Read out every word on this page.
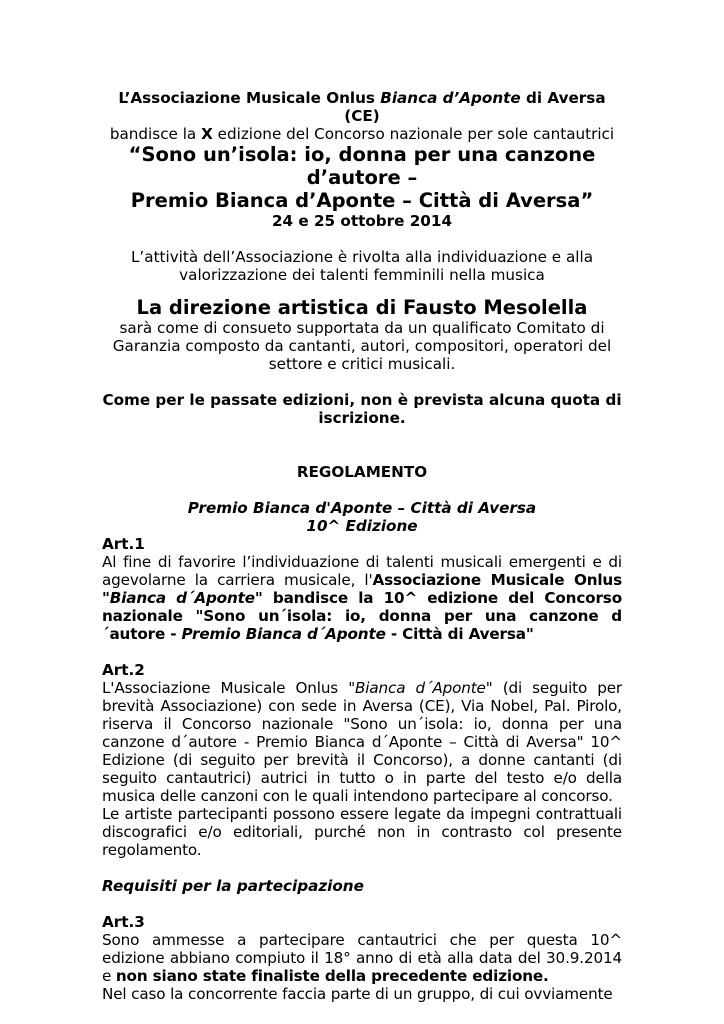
L’Associazione Musicale Onlus Bianca d’Aponte di Aversa (CE)

bandisce la X edizione del Concorso nazionale per sole cantautrici

“Sono un’isola: io, donna per una canzone d’autore –

Premio Bianca d’Aponte – Città di Aversa”

24 e 25 ottobre 2014

L’attività dell’Associazione è rivolta alla individuazione e alla

valorizzazione dei talenti femminili nella musica

La direzione artistica di Fausto Mesolella

sarà come di consueto supportata da un qualificato Comitato di

Garanzia composto da cantanti, autori, compositori, operatori del

settore e critici musicali.

Come per le passate edizioni, non è prevista alcuna quota di

iscrizione.

REGOLAMENTO

Premio Bianca d'Aponte – Città di Aversa

10^ Edizione

Art.1

Al fine di favorire l’individuazione di talenti musicali emergenti e di agevolarne la carriera musicale, l'Associazione Musicale Onlus "Bianca d´Aponte" bandisce la 10^ edizione del Concorso nazionale "Sono un´isola: io, donna per una canzone d´autore - Premio Bianca d´Aponte - Città di Aversa"

Art.2

L'Associazione Musicale Onlus "Bianca d´Aponte" (di seguito per brevità Associazione) con sede in Aversa (CE), Via Nobel, Pal. Pirolo, riserva il Concorso nazionale "Sono un´isola: io, donna per una canzone d´autore - Premio Bianca d´Aponte – Città di Aversa" 10^ Edizione (di seguito per brevità il Concorso), a donne cantanti (di seguito cantautrici) autrici in tutto o in parte del testo e/o della musica delle canzoni con le quali intendono partecipare al concorso.

Le artiste partecipanti possono essere legate da impegni contrattuali discografici e/o editoriali, purché non in contrasto col presente regolamento.

Requisiti per la partecipazione

Art.3

Sono ammesse a partecipare cantautrici che per questa 10^ edizione abbiano compiuto il 18° anno di età alla data del 30.9.2014 e non siano state finaliste della precedente edizione.

Nel caso la concorrente faccia parte di un gruppo, di cui ovviamente
